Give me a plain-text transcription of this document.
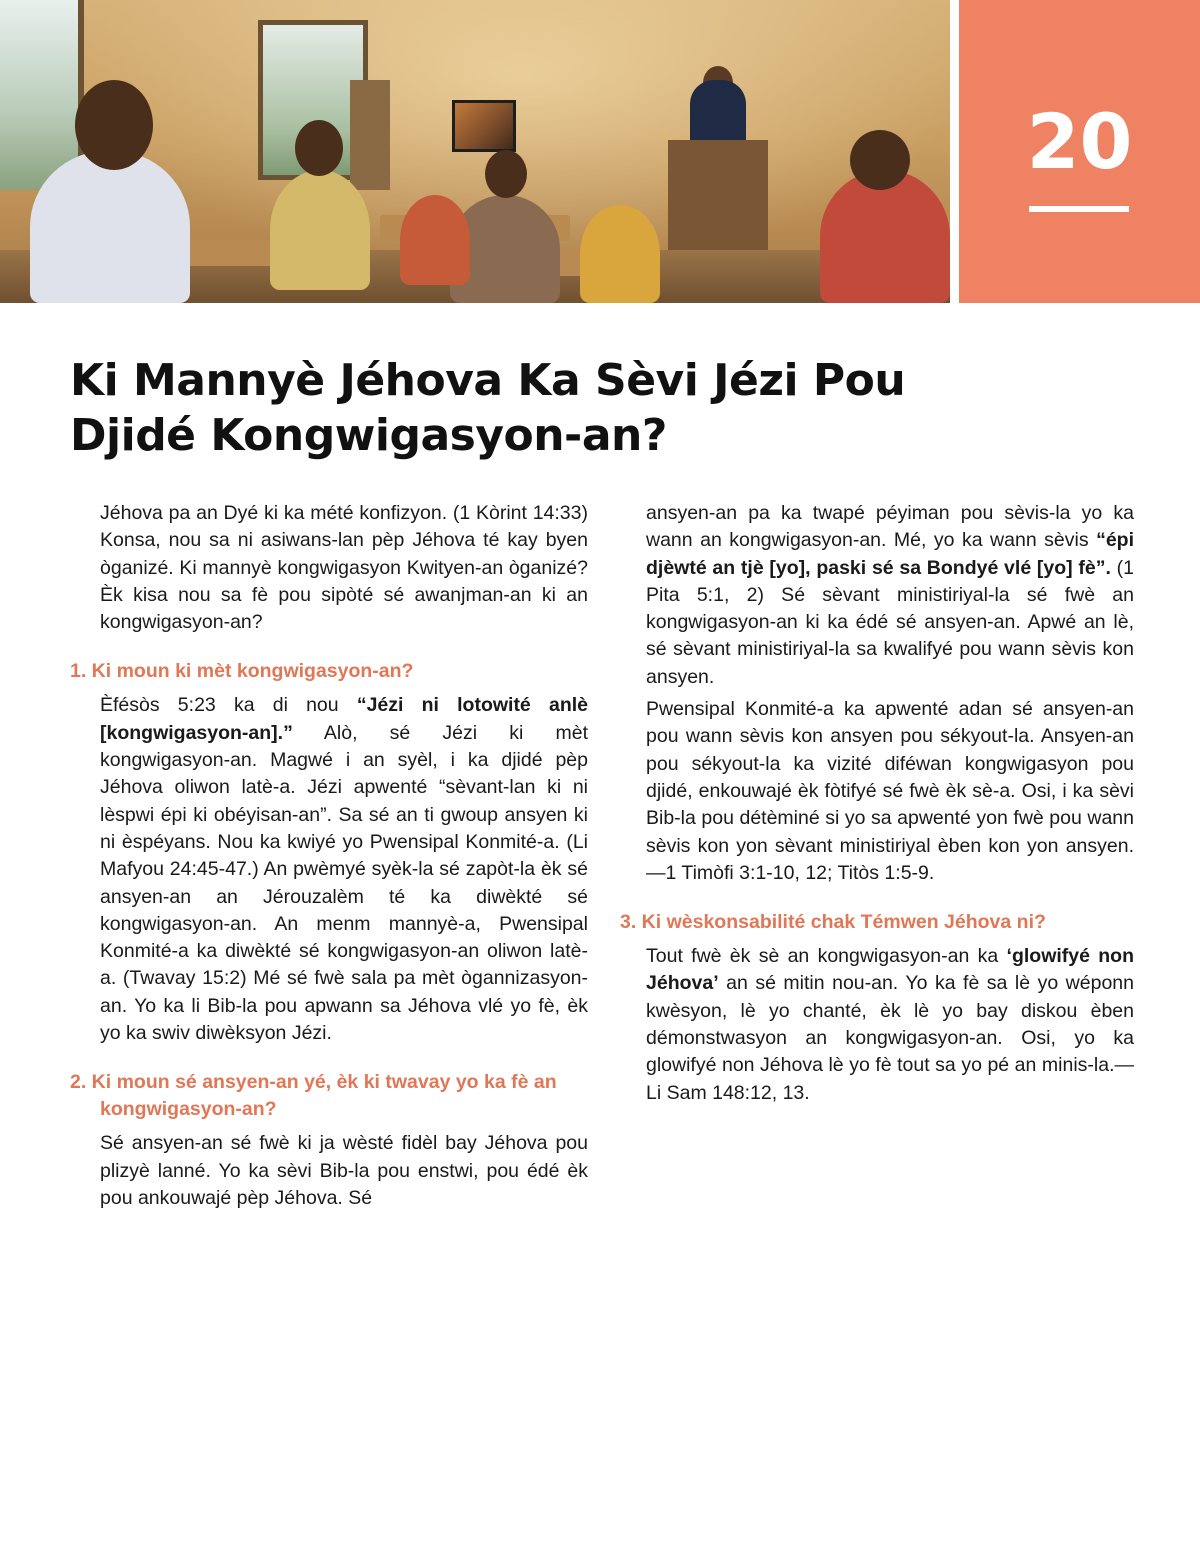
20
Ki Mannyè Jéhova Ka Sèvi Jézi Pou
Djidé Kongwigasyon-an?

Jéhova pa an Dyé ki ka mété konfizyon. (1 Kòrint 14:33) Konsa, nou sa ni asiwans-lan pèp Jéhova té kay byen òganizé. Ki mannyè kongwigasyon Kwityen-an òganizé? Èk kisa nou sa fè pou sipòté sé awanjman-an ki an kongwigasyon-an?

1. Ki moun ki mèt kongwigasyon-an?

Èfésòs 5:23 ka di nou “Jézi ni lotowité anlè [kongwigasyon-an].” Alò, sé Jézi ki mèt kongwigasyon-an. Magwé i an syèl, i ka djidé pèp Jéhova oliwon latè-a. Jézi apwenté “sèvant-lan ki ni lèspwi épi ki obéyisan-an”. Sa sé an ti gwoup ansyen ki ni èspéyans. Nou ka kwiyé yo Pwensipal Konmité-a. (Li Mafyou 24:45-47.) An pwèmyé syèk-la sé zapòt-la èk sé ansyen-an an Jérouzalèm té ka diwèkté sé kongwigasyon-an. An menm mannyè-a, Pwensipal Konmité-a ka diwèkté sé kongwigasyon-an oliwon latè-a. (Twavay 15:2) Mé sé fwè sala pa mèt ògannizasyon-an. Yo ka li Bib-la pou apwann sa Jéhova vlé yo fè, èk yo ka swiv diwèksyon Jézi.

2. Ki moun sé ansyen-an yé, èk ki twavay yo ka fè an kongwigasyon-an?

Sé ansyen-an sé fwè ki ja wèsté fidèl bay Jéhova pou plizyè lanné. Yo ka sèvi Bib-la pou enstwi, pou édé èk pou ankouwajé pèp Jéhova. Sé

ansyen-an pa ka twapé péyiman pou sèvis-la yo ka wann an kongwigasyon-an. Mé, yo ka wann sèvis “épi djèwté an tjè [yo], paski sé sa Bondyé vlé [yo] fè”. (1 Pita 5:1, 2) Sé sèvant ministiriyal-la sé fwè an kongwigasyon-an ki ka édé sé ansyen-an. Apwé an lè, sé sèvant ministiriyal-la sa kwalifyé pou wann sèvis kon ansyen.

Pwensipal Konmité-a ka apwenté adan sé ansyen-an pou wann sèvis kon ansyen pou sékyout-la. Ansyen-an pou sékyout-la ka vizité diféwan kongwigasyon pou djidé, enkouwajé èk fòtifyé sé fwè èk sè-a. Osi, i ka sèvi Bib-la pou détèminé si yo sa apwenté yon fwè pou wann sèvis kon yon sèvant ministiriyal èben kon yon ansyen.—1 Timòfi 3:1-10, 12; Titòs 1:5-9.

3. Ki wèskonsabilité chak Témwen Jéhova ni?

Tout fwè èk sè an kongwigasyon-an ka ‘glowifyé non Jéhova’ an sé mitin nou-an. Yo ka fè sa lè yo wéponn kwèsyon, lè yo chanté, èk lè yo bay diskou èben démonstwasyon an kongwigasyon-an. Osi, yo ka glowifyé non Jéhova lè yo fè tout sa yo pé an minis-la.—Li Sam 148:12, 13.
